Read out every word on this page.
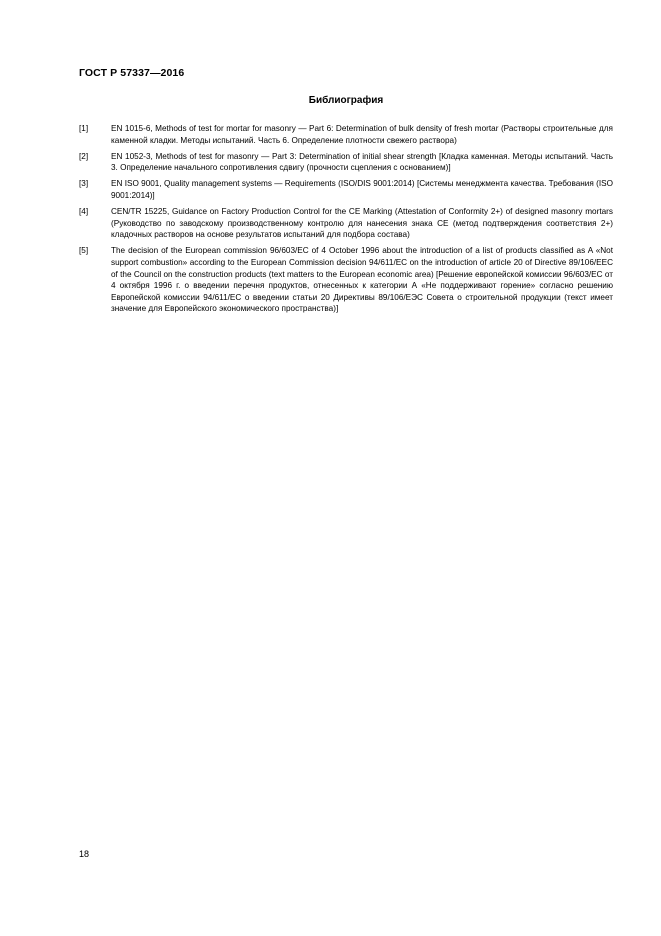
ГОСТ Р 57337—2016
Библиография
[1]	EN 1015-6, Methods of test for mortar for masonry — Part 6: Determination of bulk density of fresh mortar (Растворы строительные для каменной кладки. Методы испытаний. Часть 6. Определение плотности свежего раствора)
[2]	EN 1052-3, Methods of test for masonry — Part 3: Determination of initial shear strength [Кладка каменная. Методы испытаний. Часть 3. Определение начального сопротивления сдвигу (прочности сцепления с основанием)]
[3]	EN ISO 9001, Quality management systems — Requirements (ISO/DIS 9001:2014) [Системы менеджмента качества. Требования (ISO 9001:2014)]
[4]	CEN/TR 15225, Guidance on Factory Production Control for the CE Marking (Attestation of Conformity 2+) of designed masonry mortars (Руководство по заводскому производственному контролю для нанесения знака CE (метод подтверждения соответствия 2+) кладочных растворов на основе результатов испытаний для подбора состава)
[5]	The decision of the European commission 96/603/EC of 4 October 1996 about the introduction of a list of products classified as A «Not support combustion» according to the European Commission decision 94/611/EC on the introduction of article 20 of Directive 89/106/EEC of the Council on the construction products (text matters to the European economic area) [Решение европейской комиссии 96/603/ЕС от 4 октября 1996 г. о введении перечня продуктов, отнесенных к категории А «Не поддерживают горение» согласно решению Европейской комиссии 94/611/ЕС о введении статьи 20 Директивы 89/106/ЕЭС Совета о строительной продукции (текст имеет значение для Европейского экономического пространства)]
18
